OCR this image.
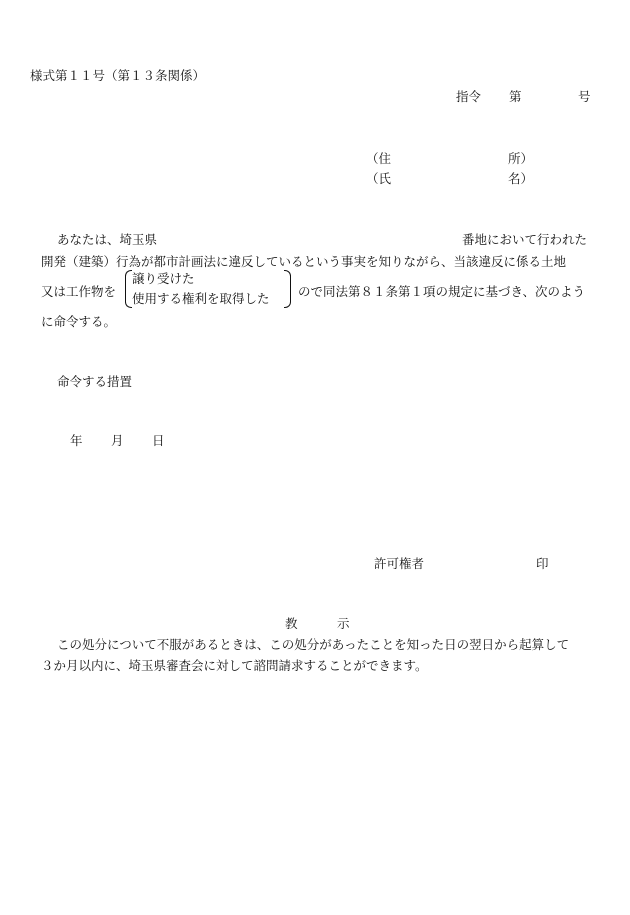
様式第１１号（第１３条関係）
指令 第	号
（住	所）
（氏	名）
あなたは、埼玉県	番地において行われた
開発（建築）行為が都市計画法に違反しているという事実を知りながら、当該違反に係る土地
又は工作物を
譲り受けた
使用する権利を取得した ので同法第８１条第１項の規定に基づき、次のよう
に命令する。
命令する措置
年 月 日
許可権者	印
教	示
この処分について不服があるときは、この処分があったことを知った日の翌日から起算して
３か月以内に、埼玉県審査会に対して諮問請求することができます。
